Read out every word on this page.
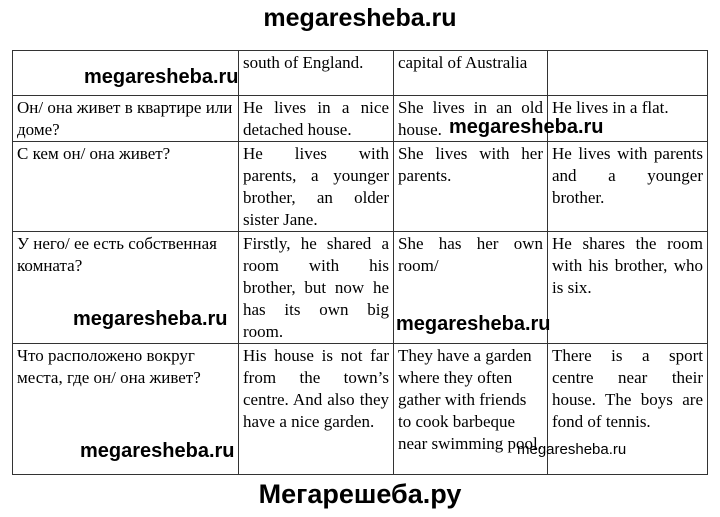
megaresheba.ru
	south of England.	capital of Australia	
Он/ она живет в квартире или доме?	He lives in a nice detached house.	She lives in an old house.	He lives in a flat.
С кем он/ она живет?	He lives with parents, a younger brother, an older sister Jane.	She lives with her parents.	He lives with parents and a younger brother.
У него/ ее есть собственная комната?	Firstly, he shared a room with his brother, but now he has its own big room.	She has her own room/	He shares the room with his brother, who is six.
Что расположено вокруг места, где он/ она живет?	His house is not far from the town’s centre. And also they have a nice garden.	They have a garden where they often gather with friends to cook barbeque near swimming pool.	There is a sport centre near their house. The boys are fond of tennis.
megaresheba.ru
megaresheba.ru
megaresheba.ru	megaresheba.ru
megaresheba.ru	megaresheba.ru
Мегарешеба.ру
